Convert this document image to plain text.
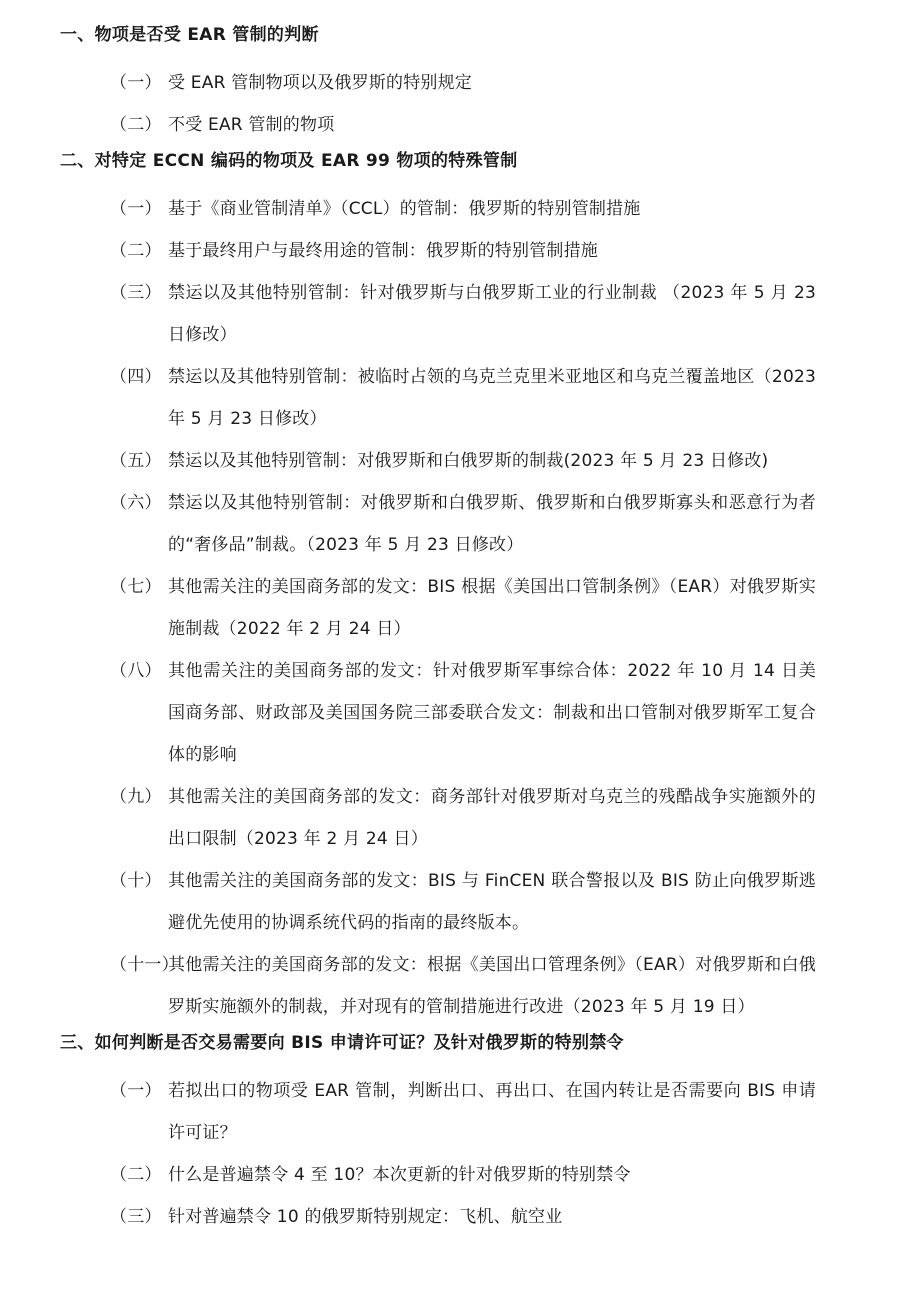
一、物项是否受 EAR 管制的判断
（一） 受 EAR 管制物项以及俄罗斯的特别规定
（二） 不受 EAR 管制的物项
二、对特定 ECCN 编码的物项及 EAR 99 物项的特殊管制
（一） 基于《商业管制清单》（CCL）的管制：俄罗斯的特别管制措施
（二） 基于最终用户与最终用途的管制：俄罗斯的特别管制措施
（三） 禁运以及其他特别管制：针对俄罗斯与白俄罗斯工业的行业制裁 （2023 年 5 月 23 日修改）
（四） 禁运以及其他特别管制：被临时占领的乌克兰克里米亚地区和乌克兰覆盖地区（2023 年 5 月 23 日修改）
（五） 禁运以及其他特别管制：对俄罗斯和白俄罗斯的制裁(2023 年 5 月 23 日修改)
（六） 禁运以及其他特别管制：对俄罗斯和白俄罗斯、俄罗斯和白俄罗斯寡头和恶意行为者的“奢侈品”制裁。（2023 年 5 月 23 日修改）
（七） 其他需关注的美国商务部的发文：BIS 根据《美国出口管制条例》（EAR）对俄罗斯实施制裁（2022 年 2 月 24 日）
（八） 其他需关注的美国商务部的发文：针对俄罗斯军事综合体：2022 年 10 月 14 日美国商务部、财政部及美国国务院三部委联合发文：制裁和出口管制对俄罗斯军工复合体的影响
（九） 其他需关注的美国商务部的发文：商务部针对俄罗斯对乌克兰的残酷战争实施额外的出口限制（2023 年 2 月 24 日）
（十） 其他需关注的美国商务部的发文：BIS 与 FinCEN 联合警报以及 BIS 防止向俄罗斯逃避优先使用的协调系统代码的指南的最终版本。
（十一）
其他需关注的美国商务部的发文：根据《美国出口管理条例》（EAR）对俄罗斯和白俄罗斯实施额外的制裁，并对现有的管制措施进行改进（2023 年 5 月 19 日）
三、如何判断是否交易需要向 BIS 申请许可证？及针对俄罗斯的特别禁令
（一） 若拟出口的物项受 EAR 管制，判断出口、再出口、在国内转让是否需要向 BIS 申请许可证？
（二） 什么是普遍禁令 4 至 10？本次更新的针对俄罗斯的特别禁令
（三） 针对普遍禁令 10 的俄罗斯特别规定：飞机、航空业
